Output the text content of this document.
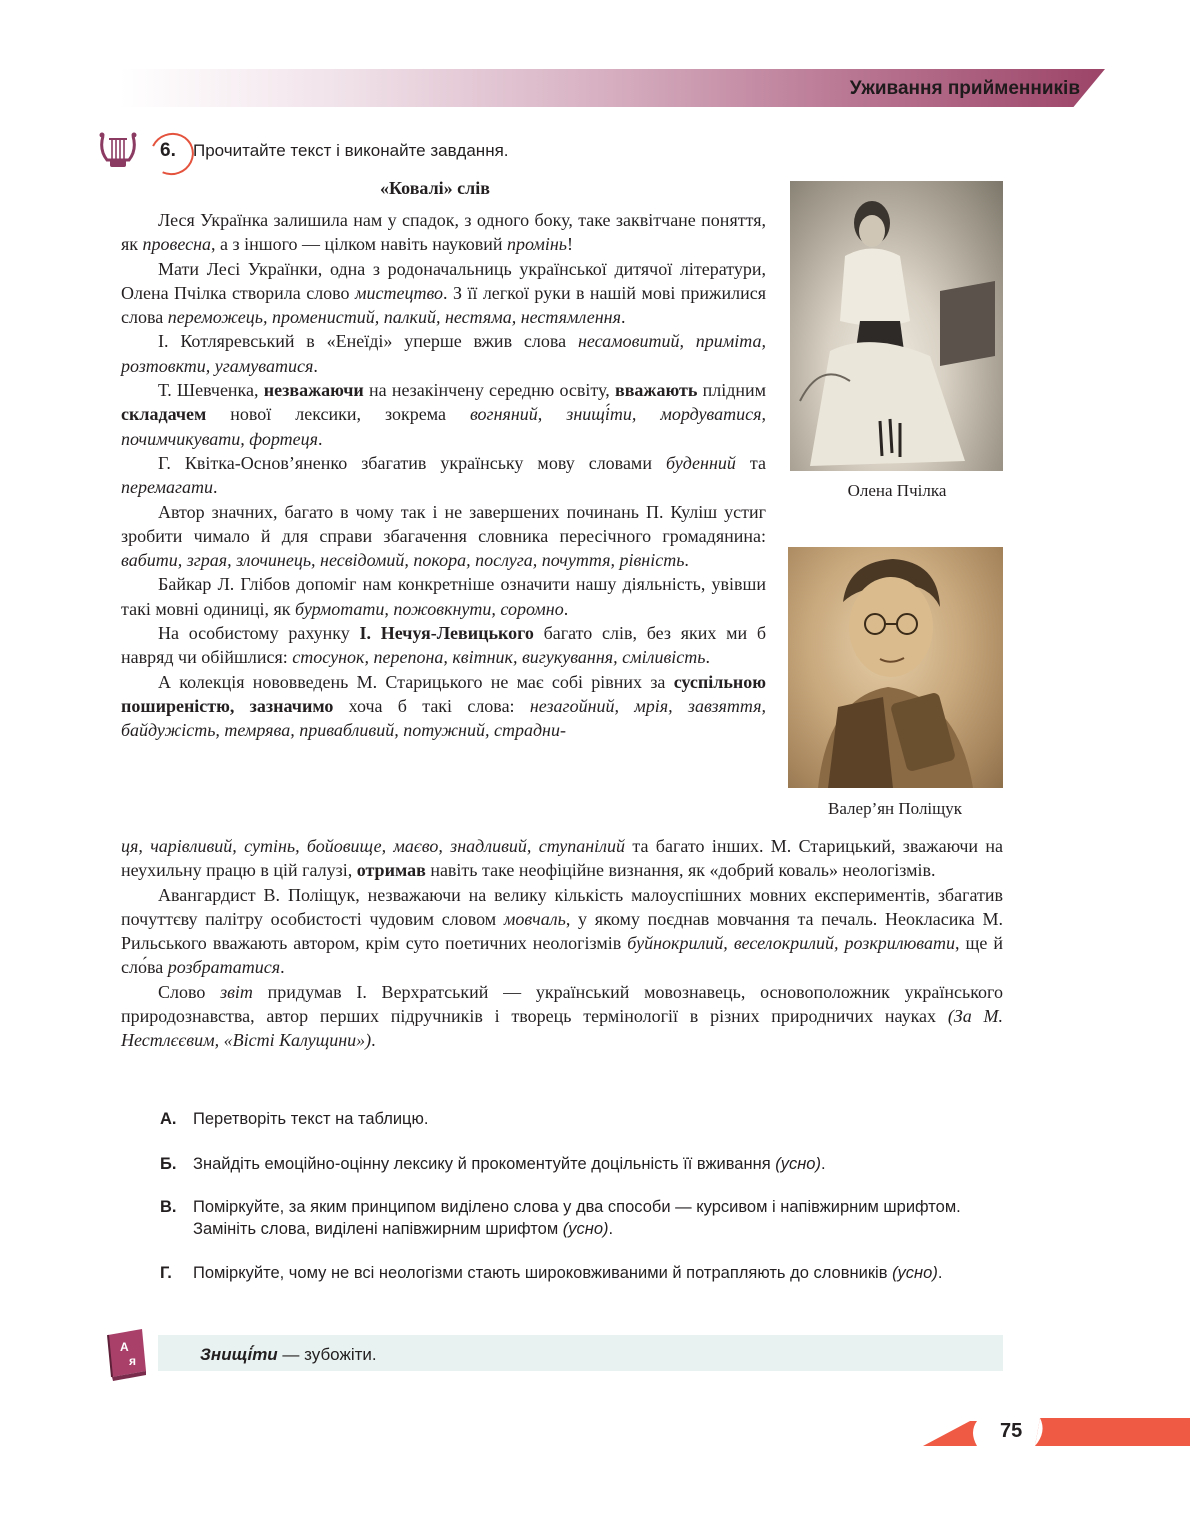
Уживання прийменників
6. Прочитайте текст і виконайте завдання.
«Ковалі» слів

Леся Українка залишила нам у спадок, з одного боку, таке заквітчане поняття, як провесна, а з іншого — цілком навіть науковий промінь!

Мати Лесі Українки, одна з родоначальниць української дитячої літератури, Олена Пчілка створила слово мистецтво. З її легкої руки в нашій мові прижилися слова переможець, променистий, палкий, нестяма, нестямлення.

І. Котляревський в «Енеїді» уперше вжив слова несамовитий, приміта, розтовкти, угамуватися.

Т. Шевченка, незважаючи на незакінчену середню освіту, вважають плідним складачем нової лексики, зокрема вогняний, знищі́ти, мордуватися, почимчикувати, фортеця.

Г. Квітка-Основ’яненко збагатив українську мову словами буденний та перемагати.

Автор значних, багато в чому так і не завершених починань П. Куліш устиг зробити чимало й для справи збагачення словника пересічного громадянина: вабити, зграя, злочинець, несвідомий, покора, послуга, почуття, рівність.

Байкар Л. Глібов допоміг нам конкретніше означити нашу діяльність, увівши такі мовні одиниці, як бурмотати, пожовкнути, соромно.

На особистому рахунку І. Нечуя-Левицького багато слів, без яких ми б навряд чи обійшлися: стосунок, перепона, квітник, вигукування, сміливість.

А колекція нововведень М. Старицького не має собі рівних за суспільною поширеністю, зазначимо хоча б такі слова: незагойний, мрія, завзяття, байдужість, темрява, привабливий, потужний, страдни-

ця, чарівливий, сутінь, бойовище, маєво, знадливий, ступанілий та багато інших. М. Старицький, зважаючи на неухильну працю в цій галузі, отримав навіть таке неофіційне визнання, як «добрий коваль» неологізмів.

Авангардист В. Поліщук, незважаючи на велику кількість малоуспішних мовних експериментів, збагатив почуттєву палітру особистості чудовим словом мовчаль, у якому поєднав мовчання та печаль. Неокласика М. Рильського вважають автором, крім суто поетичних неологізмів буйнокрилий, веселокрилий, розкрилювати, ще й сло́ва розбрататися.

Слово звіт придумав І. Верхратський — український мовознавець, основоположник українського природознавства, автор перших підручників і творець термінології в різних природничих науках (За М. Нестлєєвим, «Вісті Калущини»).

Олена Пчілка
Валер’ян Поліщук
А. Перетворіть текст на таблицю.
Б. Знайдіть емоційно-оцінну лексику й прокоментуйте доцільність її вживання (усно).
В. Поміркуйте, за яким принципом виділено слова у два способи — курсивом і напівжирним шрифтом. Замініть слова, виділені напівжирним шрифтом (усно).
Г. Поміркуйте, чому не всі неологізми стають широковживаними й потрапляють до словників (усно).
А
я	Знищі́ти — зубожіти.
75
